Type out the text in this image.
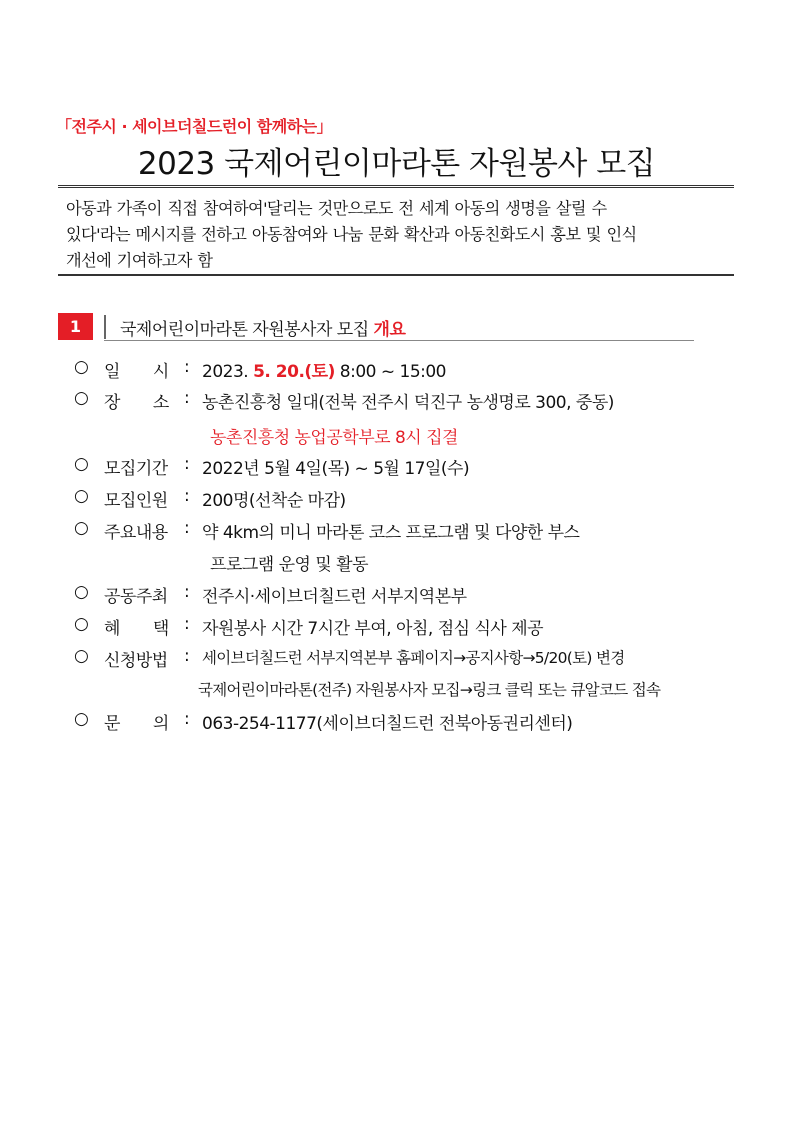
「전주시 · 세이브더칠드런이 함께하는」
2023 국제어린이마라톤 자원봉사 모집
아동과 가족이 직접 참여하여'달리는 것만으로도 전 세계 아동의 생명을 살릴 수
있다'라는 메시지를 전하고 아동참여와 나눔 문화 확산과 아동친화도시 홍보 및 인식
개선에 기여하고자 함
1	국제어린이마라톤 자원봉사자 모집 개요
○ 일　　시 : 2023. 5. 20.(토) 8:00 ~ 15:00
○ 장　　소 : 농촌진흥청 일대(전북 전주시 덕진구 농생명로 300, 중동)
농촌진흥청 농업공학부로 8시 집결
○ 모집기간 : 2022년 5월 4일(목) ~ 5월 17일(수)
○ 모집인원 : 200명(선착순 마감)
○ 주요내용 : 약 4km의 미니 마라톤 코스 프로그램 및 다양한 부스
프로그램 운영 및 활동
○ 공동주최 : 전주시·세이브더칠드런 서부지역본부
○ 혜　　택 : 자원봉사 시간 7시간 부여, 아침, 점심 식사 제공
○ 신청방법 : 세이브더칠드런 서부지역본부 홈페이지→공지사항→5/20(토) 변경
국제어린이마라톤(전주) 자원봉사자 모집→링크 클릭 또는 큐알코드 접속
○ 문　　의 : 063-254-1177(세이브더칠드런 전북아동권리센터)
